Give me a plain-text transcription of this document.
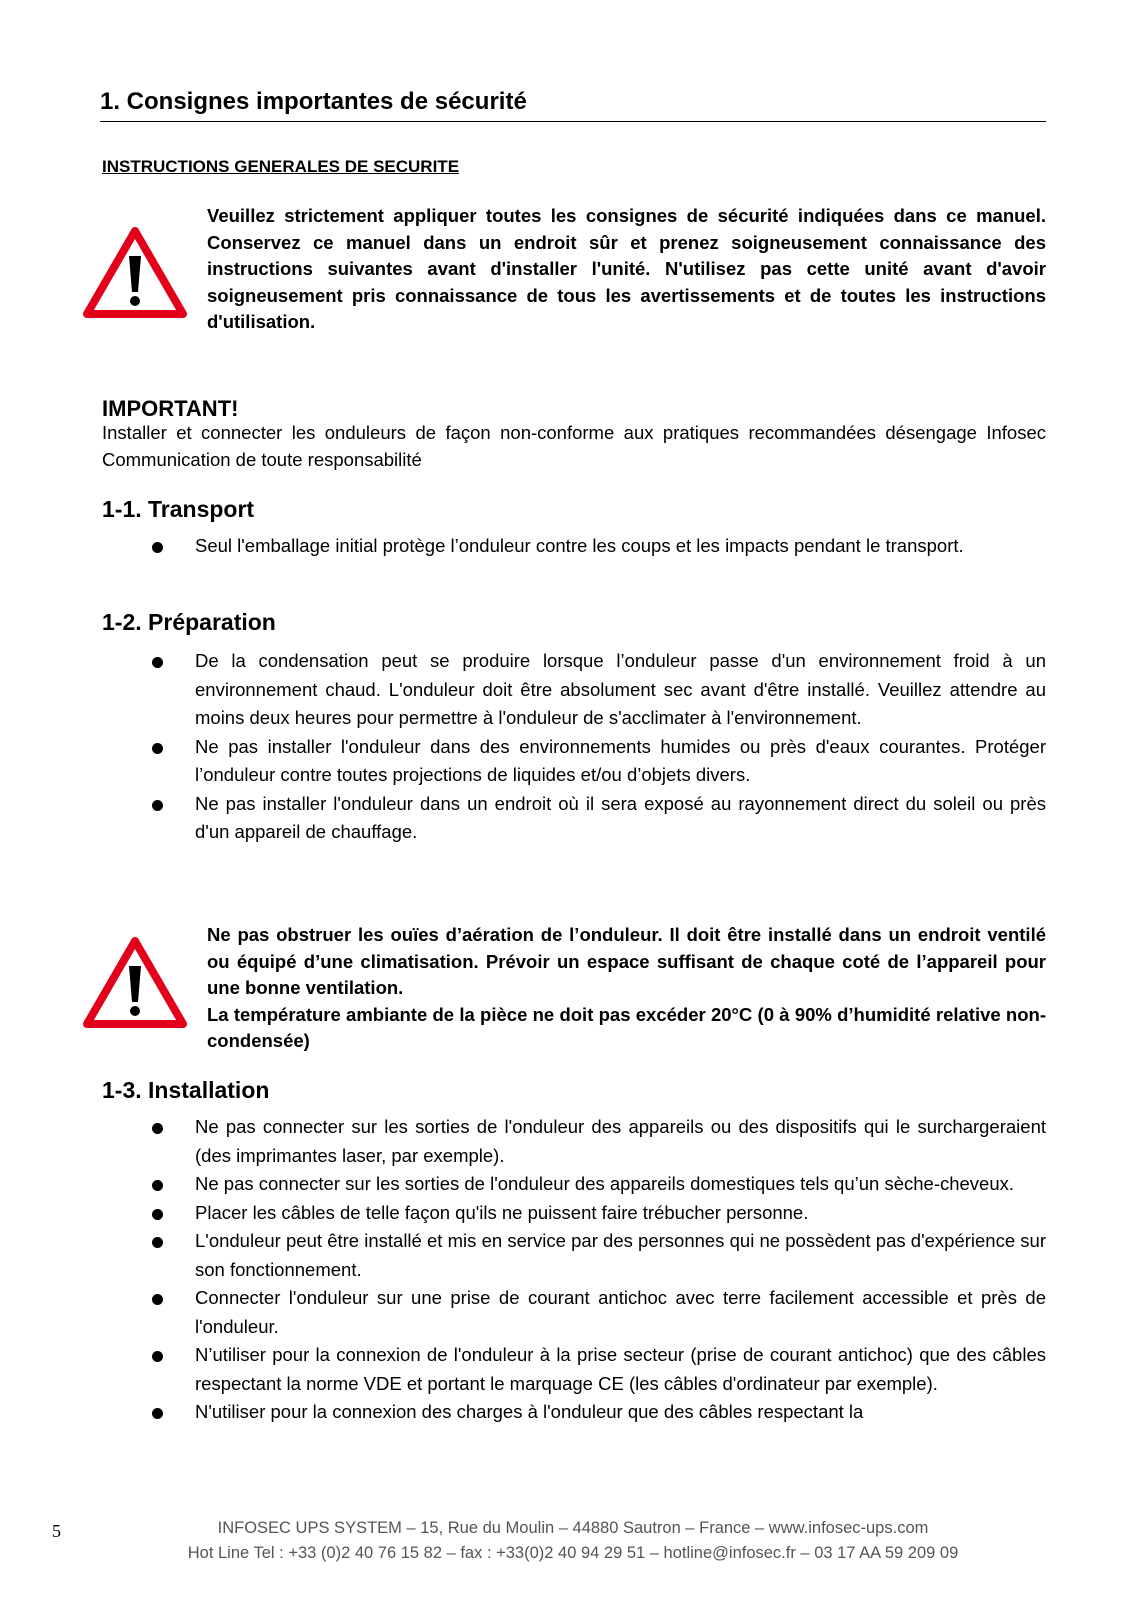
1. Consignes importantes de sécurité
INSTRUCTIONS GENERALES DE SECURITE

Veuillez strictement appliquer toutes les consignes de sécurité indiquées dans ce manuel. Conservez ce manuel dans un endroit sûr et prenez soigneusement connaissance des instructions suivantes avant d'installer l'unité. N'utilisez pas cette unité avant d'avoir soigneusement pris connaissance de tous les avertissements et de toutes les instructions d'utilisation.

IMPORTANT!
Installer et connecter les onduleurs de façon non-conforme aux pratiques recommandées désengage Infosec Communication de toute responsabilité
1-1. Transport
Seul l'emballage initial protège l’onduleur contre les coups et les impacts pendant le transport.
1-2. Préparation
De la condensation peut se produire lorsque l’onduleur passe d'un environnement froid à un environnement chaud. L'onduleur doit être absolument sec avant d'être installé. Veuillez attendre au moins deux heures pour permettre à l'onduleur de s'acclimater à l'environnement.
Ne pas installer l'onduleur dans des environnements humides ou près d'eaux courantes. Protéger l’onduleur contre toutes projections de liquides et/ou d’objets divers.
Ne pas installer l'onduleur dans un endroit où il sera exposé au rayonnement direct du soleil ou près d'un appareil de chauffage.

Ne pas obstruer les ouïes d’aération de l’onduleur. Il doit être installé dans un endroit ventilé ou équipé d’une climatisation. Prévoir un espace suffisant de chaque coté de l’appareil pour une bonne ventilation.

La température ambiante de la pièce ne doit pas excéder 20°C (0 à 90% d’humidité relative non-condensée)

1-3. Installation
Ne pas connecter sur les sorties de l'onduleur des appareils ou des dispositifs qui le surchargeraient (des imprimantes laser, par exemple).
Ne pas connecter sur les sorties de l'onduleur des appareils domestiques tels qu’un sèche-cheveux.
Placer les câbles de telle façon qu'ils ne puissent faire trébucher personne.
L'onduleur peut être installé et mis en service par des personnes qui ne possèdent pas d'expérience sur son fonctionnement.
Connecter l'onduleur sur une prise de courant antichoc avec terre facilement accessible et près de l'onduleur.
N’utiliser pour la connexion de l'onduleur à la prise secteur (prise de courant antichoc) que des câbles respectant la norme VDE et portant le marquage CE (les câbles d'ordinateur par exemple).
N'utiliser pour la connexion des charges à l'onduleur que des câbles respectant la
5	INFOSEC UPS SYSTEM – 15, Rue du Moulin – 44880 Sautron – France – www.infosec-ups.com
Hot Line Tel : +33 (0)2 40 76 15 82 – fax : +33(0)2 40 94 29 51 – hotline@infosec.fr – 03 17 AA 59 209 09
